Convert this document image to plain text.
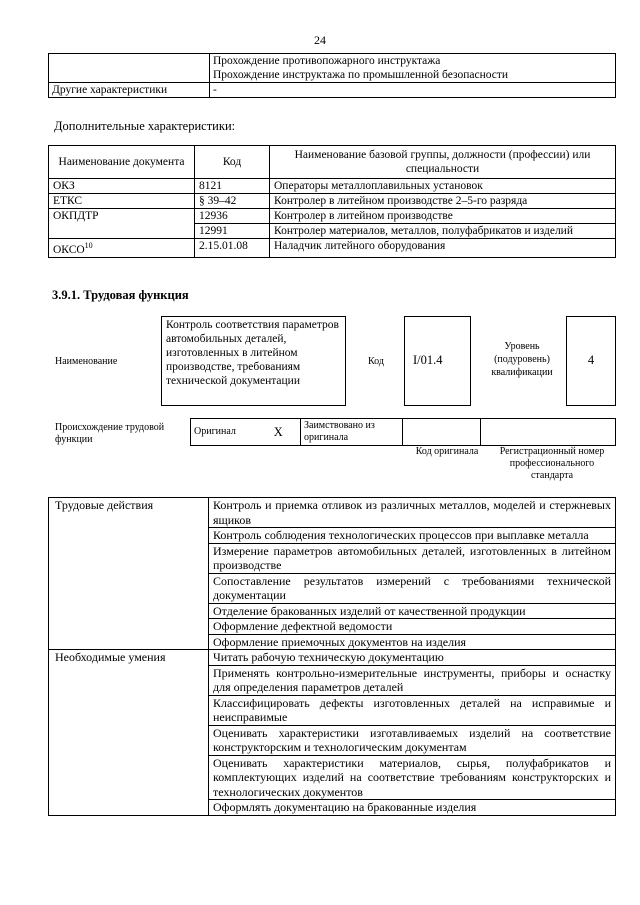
24

	Прохождение противопожарного инструктажа
Прохождение инструктажа по промышленной безопасности

Другие характеристики	-
Дополнительные характеристики:
Наименование документа	Код	Наименование базовой группы, должности (профессии) или специальности
ОКЗ	8121	Операторы металлоплавильных установок
ЕТКС	§ 39–42	Контролер в литейном производстве 2–5-го разряда
ОКПДТР	12936	Контролер в литейном производстве
	12991	Контролер материалов, металлов, полуфабрикатов и изделий
ОКСО$^{10}$	2.15.01.08	Наладчик литейного оборудования
3.9.1. Трудовая функция
Наименование
Контроль соответствия параметров автомобильных деталей, изготовленных в литейном производстве, требованиям технической документации
Код I/01.4
Уровень (подуровень) квалификации
4
Происхождение трудовой функции
Оригинал	X	Заимствовано из оригинала		
Код оригинала	Регистрационный номер профессионального стандарта
Трудовые действия	Контроль и приемка отливок из различных металлов, моделей и стержневых ящиков
	Контроль соблюдения технологических процессов при выплавке металла
	Измерение параметров автомобильных деталей, изготовленных в литейном производстве
	Сопоставление результатов измерений с требованиями технической документации
	Отделение бракованных изделий от качественной продукции
	Оформление дефектной ведомости
	Оформление приемочных документов на изделия
Необходимые умения	Читать рабочую техническую документацию
	Применять контрольно-измерительные инструменты, приборы и оснастку для определения параметров деталей
	Классифицировать дефекты изготовленных деталей на исправимые и неисправимые
	Оценивать характеристики изготавливаемых изделий на соответствие конструкторским и технологическим документам
	Оценивать характеристики материалов, сырья, полуфабрикатов и комплектующих изделий на соответствие требованиям конструкторских и технологических документов
	Оформлять документацию на бракованные изделия
